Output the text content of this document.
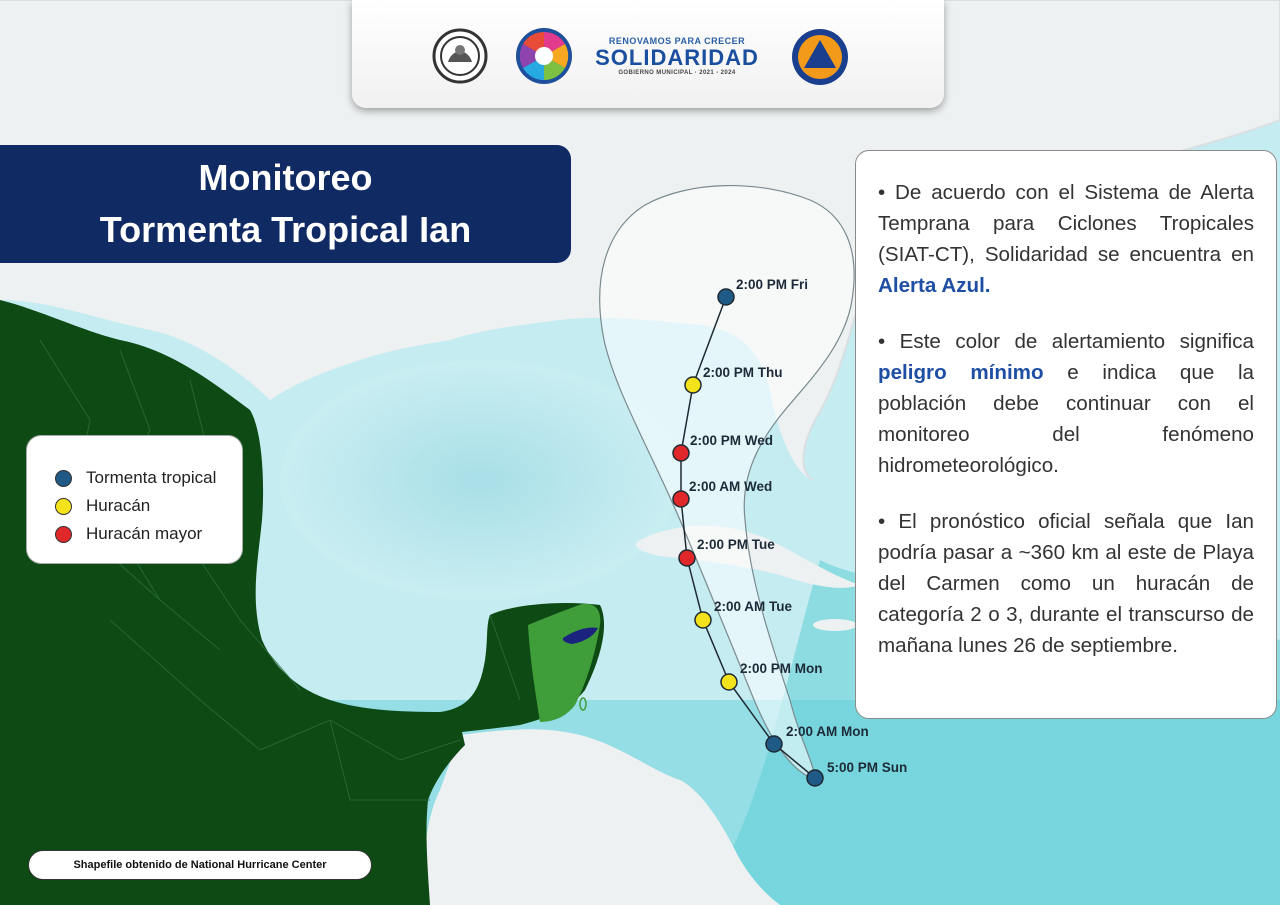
5:00 PM Sun
2:00 AM Mon
2:00 PM Mon
2:00 AM Tue
2:00 PM Tue
2:00 AM Wed
2:00 PM Wed
2:00 PM Thu
2:00 PM Fri
RENOVAMOS PARA CRECER
SOLIDARIDAD
GOBIERNO MUNICIPAL · 2021 - 2024
Monitoreo
Tormenta Tropical Ian

• De acuerdo con el Sistema de Alerta Temprana para Ciclones Tropicales (SIAT-CT), Solidaridad se encuentra en Alerta Azul.

• Este color de alertamiento significa peligro mínimo e indica que la población debe continuar con el monitoreo del fenómeno hidrometeorológico.

• El pronóstico oficial señala que Ian podría pasar a ~360 km al este de Playa del Carmen como un huracán de categoría 2 o 3, durante el transcurso de mañana lunes 26 de septiembre.

Tormenta tropical
Huracán
Huracán mayor
Shapefile obtenido de National Hurricane Center
